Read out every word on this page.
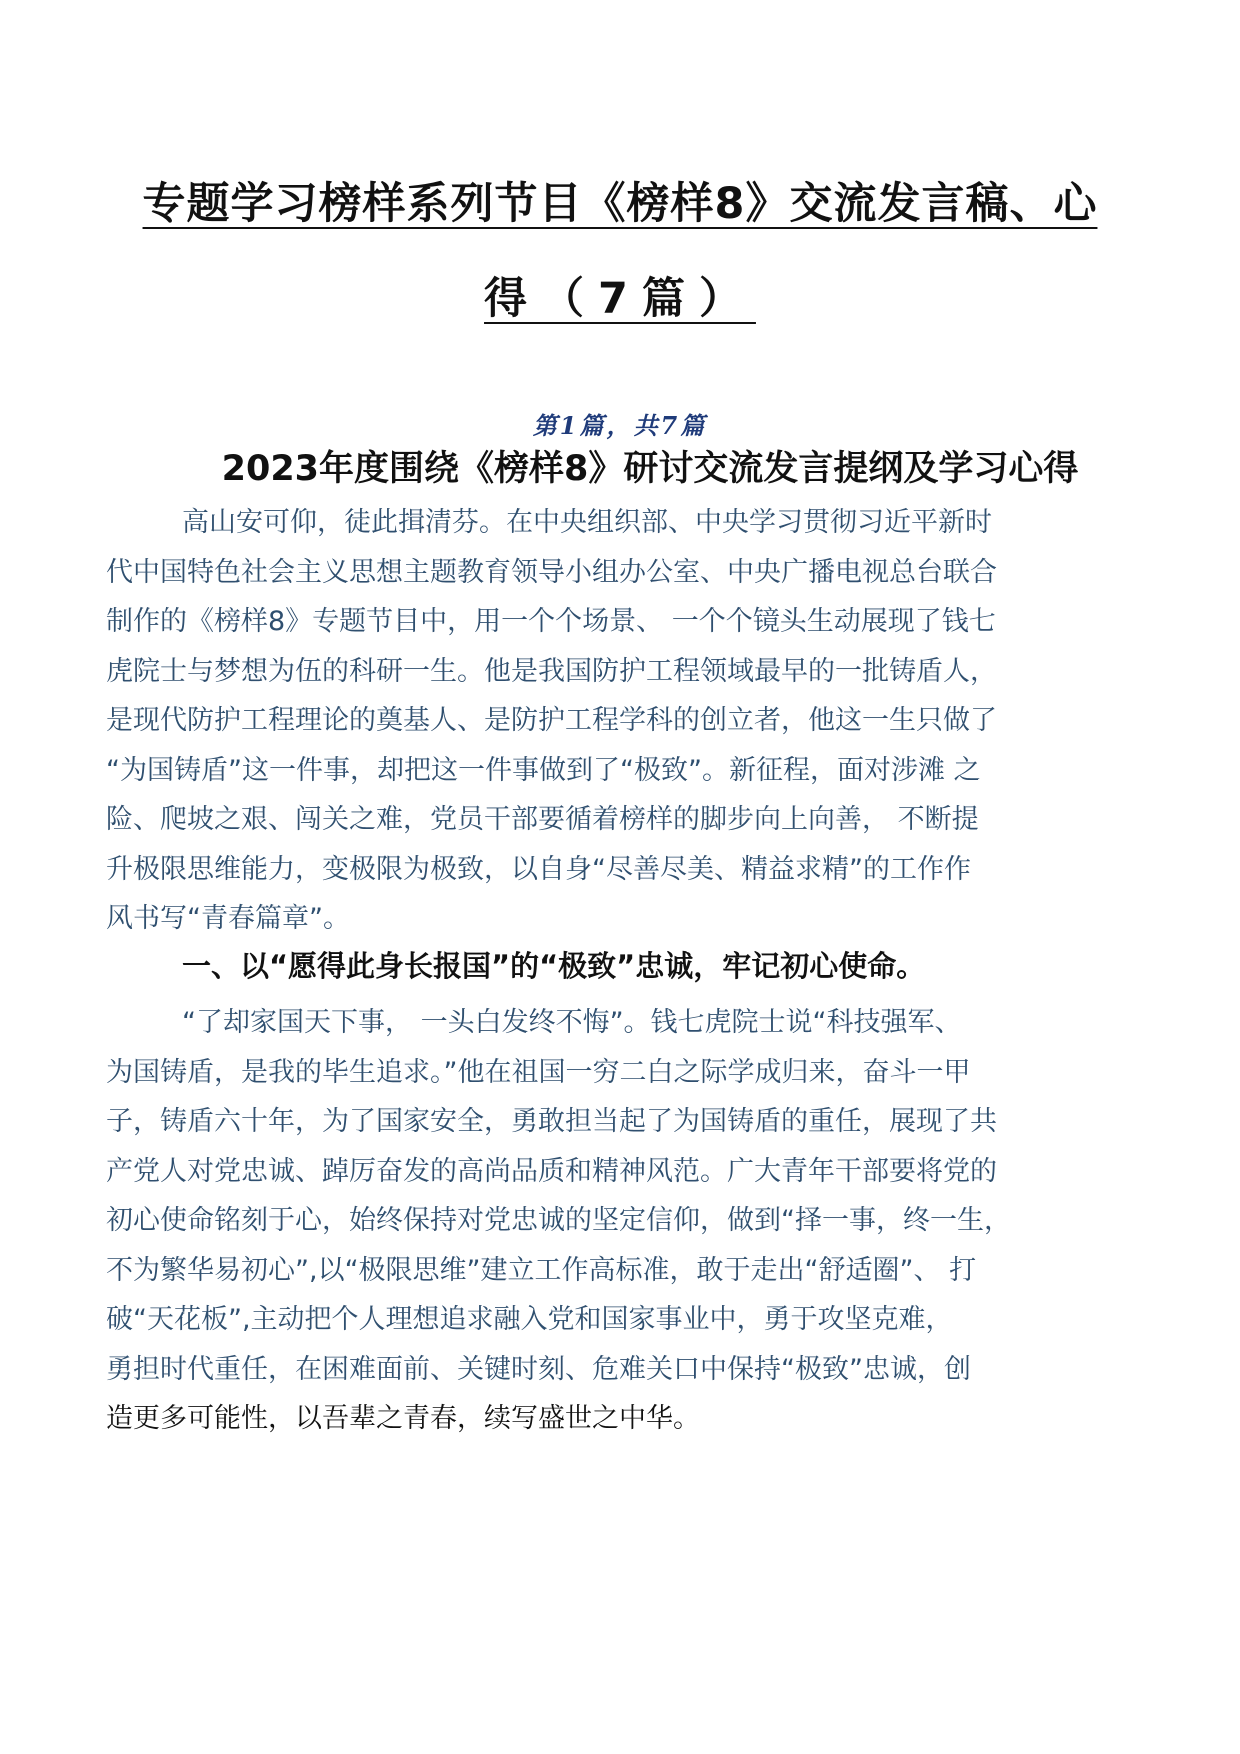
专题学习榜样系列节目《榜样8》交流发言稿、心
得（7篇）
第1篇，共7篇
2023年度围绕《榜样8》研讨交流发言提纲及学习心得

高山安可仰，徒此揖清芬。在中央组织部、中央学习贯彻习近平新时
代中国特色社会主义思想主题教育领导小组办公室、中央广播电视总台联合
制作的《榜样8》专题节目中，用一个个场景、 一个个镜头生动展现了钱七
虎院士与梦想为伍的科研一生。他是我国防护工程领域最早的一批铸盾人，
是现代防护工程理论的奠基人、是防护工程学科的创立者，他这一生只做了
“为国铸盾”这一件事，却把这一件事做到了“极致”。新征程，面对涉滩 之
险、爬坡之艰、闯关之难，党员干部要循着榜样的脚步向上向善， 不断提
升极限思维能力，变极限为极致，以自身“尽善尽美、精益求精”的工作作
风书写“青春篇章”。

一、以“愿得此身长报国”的“极致”忠诚，牢记初心使命。

“了却家国天下事， 一头白发终不悔”。钱七虎院士说“科技强军、
为国铸盾，是我的毕生追求。”他在祖国一穷二白之际学成归来，奋斗一甲
子，铸盾六十年，为了国家安全，勇敢担当起了为国铸盾的重任，展现了共
产党人对党忠诚、踔厉奋发的高尚品质和精神风范。广大青年干部要将党的
初心使命铭刻于心，始终保持对党忠诚的坚定信仰，做到“择一事，终一生，
不为繁华易初心”,以“极限思维”建立工作高标准，敢于走出“舒适圈”、 打
破“天花板”,主动把个人理想追求融入党和国家事业中，勇于攻坚克难，
勇担时代重任，在困难面前、关键时刻、危难关口中保持“极致”忠诚，创
造更多可能性，以吾辈之青春，续写盛世之中华。
